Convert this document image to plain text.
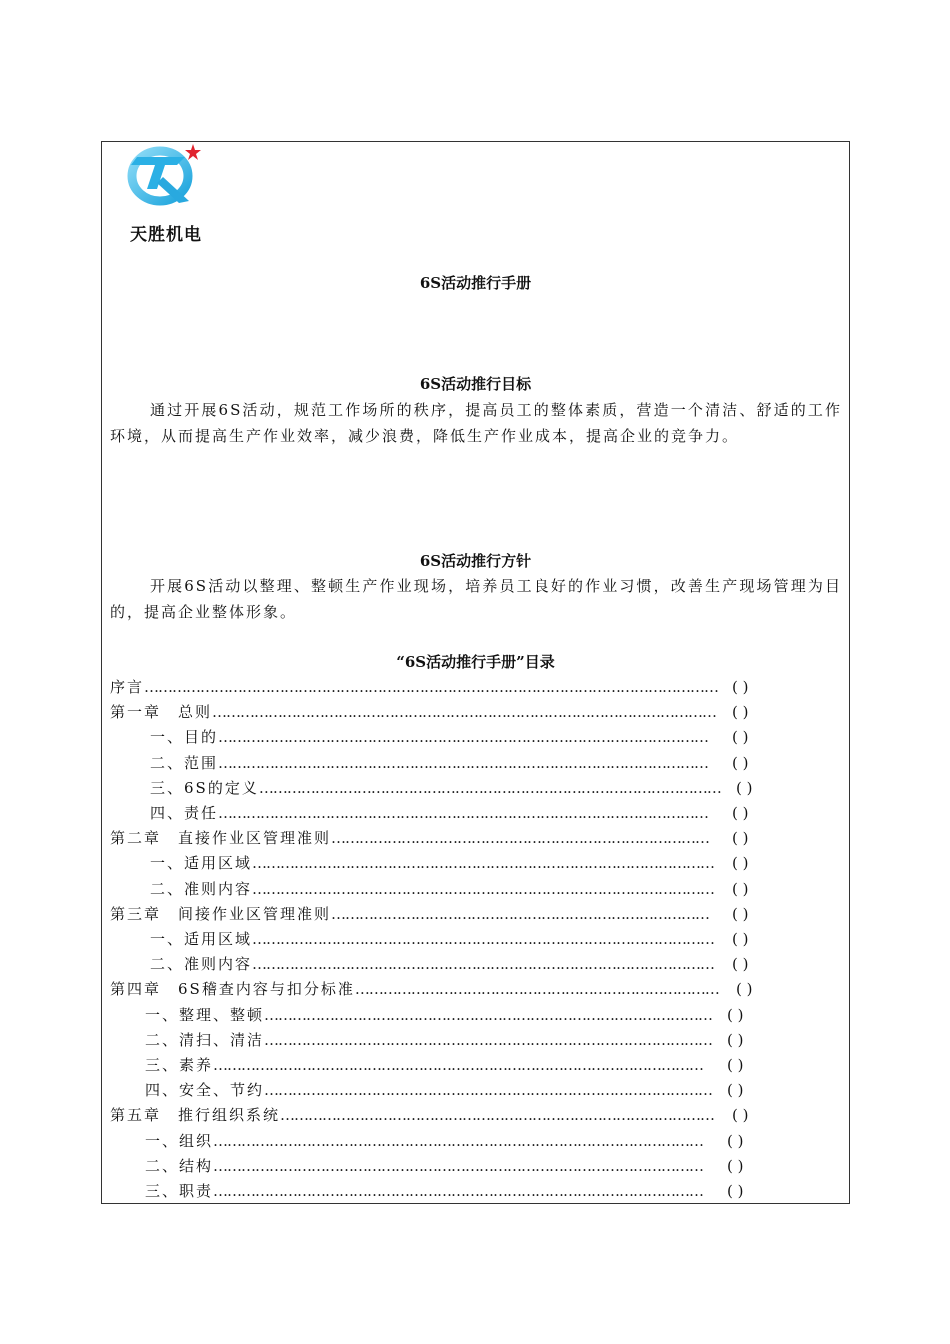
天胜机电
6S活动推行手册
6S活动推行目标
通过开展6S活动，规范工作场所的秩序，提高员工的整体素质，营造一个清洁、舒适的工作环境，从而提高生产作业效率，减少浪费，降低生产作业成本，提高企业的竞争力。
6S活动推行方针
开展6S活动以整理、整顿生产作业现场，培养员工良好的作业习惯，改善生产现场管理为目的，提高企业整体形象。
“6S活动推行手册”目录
序言…………………………………………………………………………………………………………… ( )
第一章　总则……………………………………………………………………………………………… ( )
一、目的…………………………………………………………………………………………… ( )
二、范围…………………………………………………………………………………………… ( )
三、6S的定义……………………………………………………………………………………… ( )
四、责任…………………………………………………………………………………………… ( )
第二章　直接作业区管理准则……………………………………………………………………… ( )
一、适用区域……………………………………………………………………………………… ( )
二、准则内容……………………………………………………………………………………… ( )
第三章　间接作业区管理准则……………………………………………………………………… ( )
一、适用区域……………………………………………………………………………………… ( )
二、准则内容……………………………………………………………………………………… ( )
第四章　6S稽查内容与扣分标准…………………………………………………………………… ( )
一、整理、整顿…………………………………………………………………………………… ( )
二、清扫、清洁…………………………………………………………………………………… ( )
三、素养…………………………………………………………………………………………… ( )
四、安全、节约…………………………………………………………………………………… ( )
第五章　推行组织系统………………………………………………………………………………… ( )
一、组织…………………………………………………………………………………………… ( )
二、结构…………………………………………………………………………………………… ( )
三、职责…………………………………………………………………………………………… ( )
